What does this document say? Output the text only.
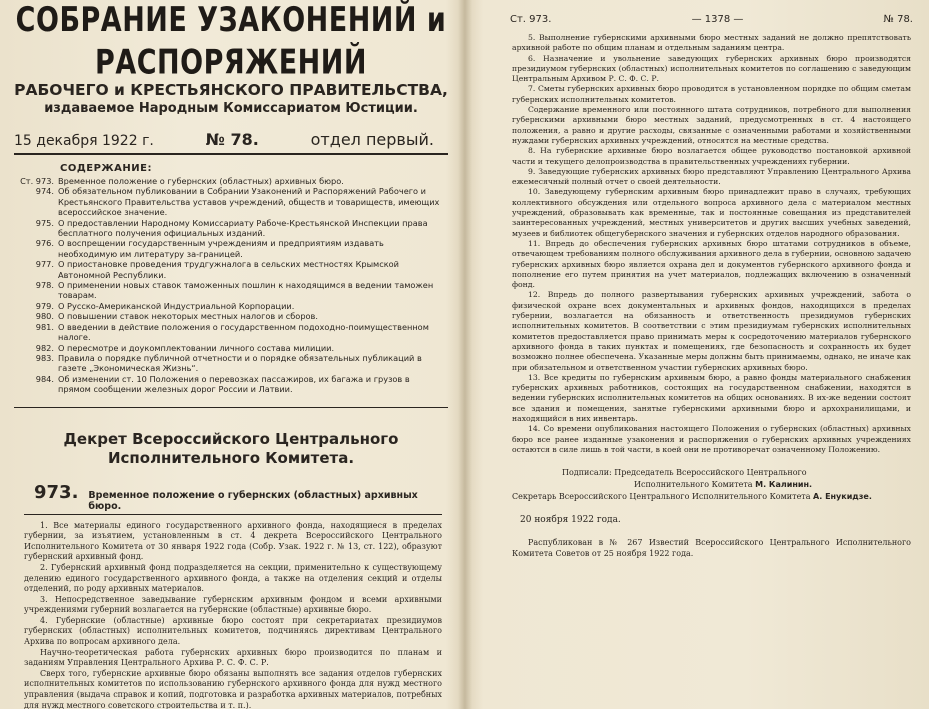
СОБРАНИЕ УЗАКОНЕНИЙ и РАСПОРЯЖЕНИЙ
РАБОЧЕГО и КРЕСТЬЯНСКОГО ПРАВИТЕЛЬСТВА,
издаваемое Народным Комиссариатом Юстиции.
15 декабря 1922 г.	№ 78.	отдел первый.
СОДЕРЖАНИЕ:
Ст. 973. Временное положение о губернских (областных) архивных бюро.
974. Об обязательном публиковании в Собрании Узаконений и Распоряжений Рабочего и Крестьянского Правительства уставов учреждений, обществ и товариществ, имеющих всероссийское значение.
975. О предоставлении Народному Комиссариату Рабоче-Крестьянской Инспекции права бесплатного получения официальных изданий.
976. О воспрещении государственным учреждениям и предприятиям издавать необходимую им литературу за-границей.
977. О приостановке проведения трудгужналога в сельских местностях Крымской Автономной Республики.
978. О применении новых ставок таможенных пошлин к находящимся в ведении таможен товарам.
979. О Русско-Американской Индустриальной Корпорации.
980. О повышении ставок некоторых местных налогов и сборов.
981. О введении в действие положения о государственном подоходно-поимущественном налоге.
982. О пересмотре и доукомплектовании личного состава милиции.
983. Правила о порядке публичной отчетности и о порядке обязательных публикаций в газете „Экономическая Жизнь“.
984. Об изменении ст. 10 Положения о перевозках пассажиров, их багажа и грузов в прямом сообщении железных дорог России и Латвии.
Декрет Всероссийского Центрального Исполнительного Комитета.
973. Временное положение о губернских (областных) архивных бюро.

1. Все материалы единого государственного архивного фонда, находящиеся в пределах губернии, за изъятием, установленным в ст. 4 декрета Всероссийского Центрального Исполнительного Комитета от 30 января 1922 года (Собр. Узак. 1922 г. № 13, ст. 122), образуют губернский архивный фонд.

2. Губернский архивный фонд подразделяется на секции, применительно к существующему делению единого государственного архивного фонда, а также на отделения секций и отделы отделений, по роду архивных материалов.

3. Непосредственное заведывание губернским архивным фондом и всеми архивными учреждениями губерний возлагается на губернские (областные) архивные бюро.

4. Губернские (областные) архивные бюро состоят при секретариатах президиумов губернских (областных) исполнительных комитетов, подчиняясь директивам Центрального Архива по вопросам архивного дела.

Научно-теоретическая работа губернских архивных бюро производится по планам и заданиям Управления Центрального Архива Р. С. Ф. С. Р.

Сверх того, губернские архивные бюро обязаны выполнять все задания отделов губернских исполнительных комитетов по использованию губернского архивного фонда для нужд местного управления (выдача справок и копий, подготовка и разработка архивных материалов, потребных для нужд местного советского строительства и т. п.).

Ст. 973.	— 1378 —	№ 78.

5. Выполнение губернскими архивными бюро местных заданий не должно препятствовать архивной работе по общим планам и отдельным заданиям центра.

6. Назначение и увольнение заведующих губернских архивных бюро производятся президиумом губернских (областных) исполнительных комитетов по соглашению с заведующим Центральным Архивом Р. С. Ф. С. Р.

7. Сметы губернских архивных бюро проводятся в установленном порядке по общим сметам губернских исполнительных комитетов.

Содержание временного или постоянного штата сотрудников, потребного для выполнения губернскими архивными бюро местных заданий, предусмотренных в ст. 4 настоящего положения, а равно и другие расходы, связанные с означенными работами и хозяйственными нуждами губернских архивных учреждений, относятся на местные средства.

8. На губернские архивные бюро возлагается общее руководство постановкой архивной части и текущего делопроизводства в правительственных учреждениях губернии.

9. Заведующие губернских архивных бюро представляют Управлению Центрального Архива ежемесячный полный отчет о своей деятельности.

10. Заведующему губернским архивным бюро принадлежит право в случаях, требующих коллективного обсуждения или отдельного вопроса архивного дела с материалом местных учреждений, образовывать как временные, так и постоянные совещания из представителей заинтересованных учреждений, местных университетов и других высших учебных заведений, музеев и библиотек общегубернского значения и губернских отделов народного образования.

11. Впредь до обеспечения губернских архивных бюро штатами сотрудников в объеме, отвечающем требованиям полного обслуживания архивного дела в губернии, основною задачею губернских архивных бюро является охрана дел и документов губернского архивного фонда и пополнение его путем принятия на учет материалов, подлежащих включению в означенный фонд.

12. Впредь до полного развертывания губернских архивных учреждений, забота о физической охране всех документальных и архивных фондов, находящихся в пределах губернии, возлагается на обязанность и ответственность президиумов губернских исполнительных комитетов. В соответствии с этим президиумам губернских исполнительных комитетов предоставляется право принимать меры к сосредоточению материалов губернского архивного фонда в таких пунктах и помещениях, где безопасность и сохранность их будет возможно полнее обеспечена. Указанные меры должны быть принимаемы, однако, не иначе как при обязательном и ответственном участии губернских архивных бюро.

13. Все кредиты по губернским архивным бюро, а равно фонды материального снабжения губернских архивных работников, состоящих на государственном снабжении, находятся в ведении губернских исполнительных комитетов на общих основаниях. В их-же ведении состоят все здания и помещения, занятые губернскими архивными бюро и архохранилищами, и находящийся в них инвентарь.

14. Со времени опубликования настоящего Положения о губернских (областных) архивных бюро все ранее изданные узаконения и распоряжения о губернских архивных учреждениях остаются в силе лишь в той части, в коей они не противоречат означенному Положению.

Подписали: Председатель Всероссийского Центрального
Исполнительного Комитета М. Калинин.
Секретарь Всероссийского Центрального Исполнительного Комитета А. Енукидзе.
20 ноября 1922 года.
Распубликован в № 267 Известий Всероссийского Центрального Исполнительного Комитета Советов от 25 ноября 1922 года.
